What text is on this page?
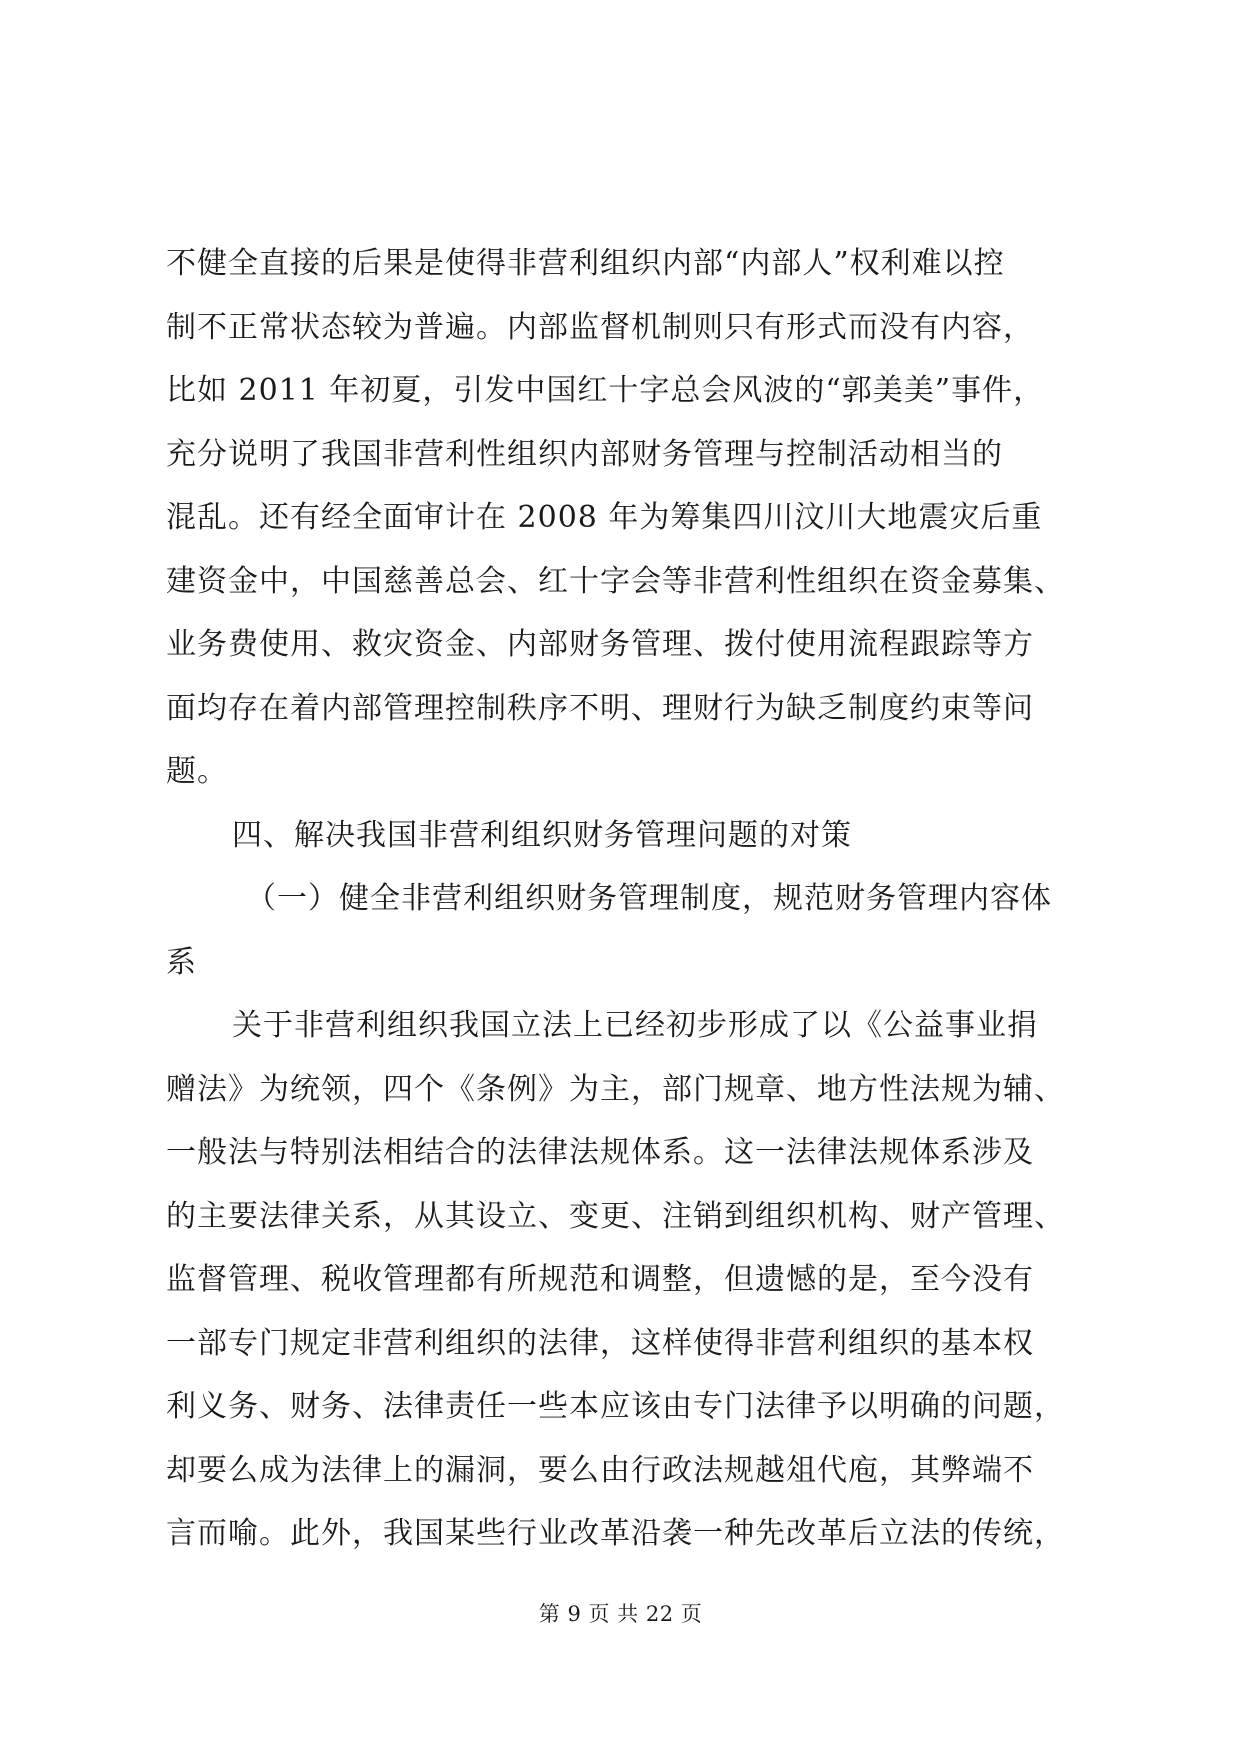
不健全直接的后果是使得非营利组织内部“内部人”权利难以控
制不正常状态较为普遍。内部监督机制则只有形式而没有内容，
比如 2011 年初夏，引发中国红十字总会风波的“郭美美”事件，
充分说明了我国非营利性组织内部财务管理与控制活动相当的
混乱。还有经全面审计在 2008 年为筹集四川汶川大地震灾后重
建资金中，中国慈善总会、红十字会等非营利性组织在资金募集、
业务费使用、救灾资金、内部财务管理、拨付使用流程跟踪等方
面均存在着内部管理控制秩序不明、理财行为缺乏制度约束等问
题。
四、解决我国非营利组织财务管理问题的对策
（一）健全非营利组织财务管理制度，规范财务管理内容体
系
关于非营利组织我国立法上已经初步形成了以《公益事业捐
赠法》为统领，四个《条例》为主，部门规章、地方性法规为辅、
一般法与特别法相结合的法律法规体系。这一法律法规体系涉及
的主要法律关系，从其设立、变更、注销到组织机构、财产管理、
监督管理、税收管理都有所规范和调整，但遗憾的是，至今没有
一部专门规定非营利组织的法律，这样使得非营利组织的基本权
利义务、财务、法律责任一些本应该由专门法律予以明确的问题，
却要么成为法律上的漏洞，要么由行政法规越俎代庖，其弊端不
言而喻。此外，我国某些行业改革沿袭一种先改革后立法的传统，
第 9 页 共 22 页
